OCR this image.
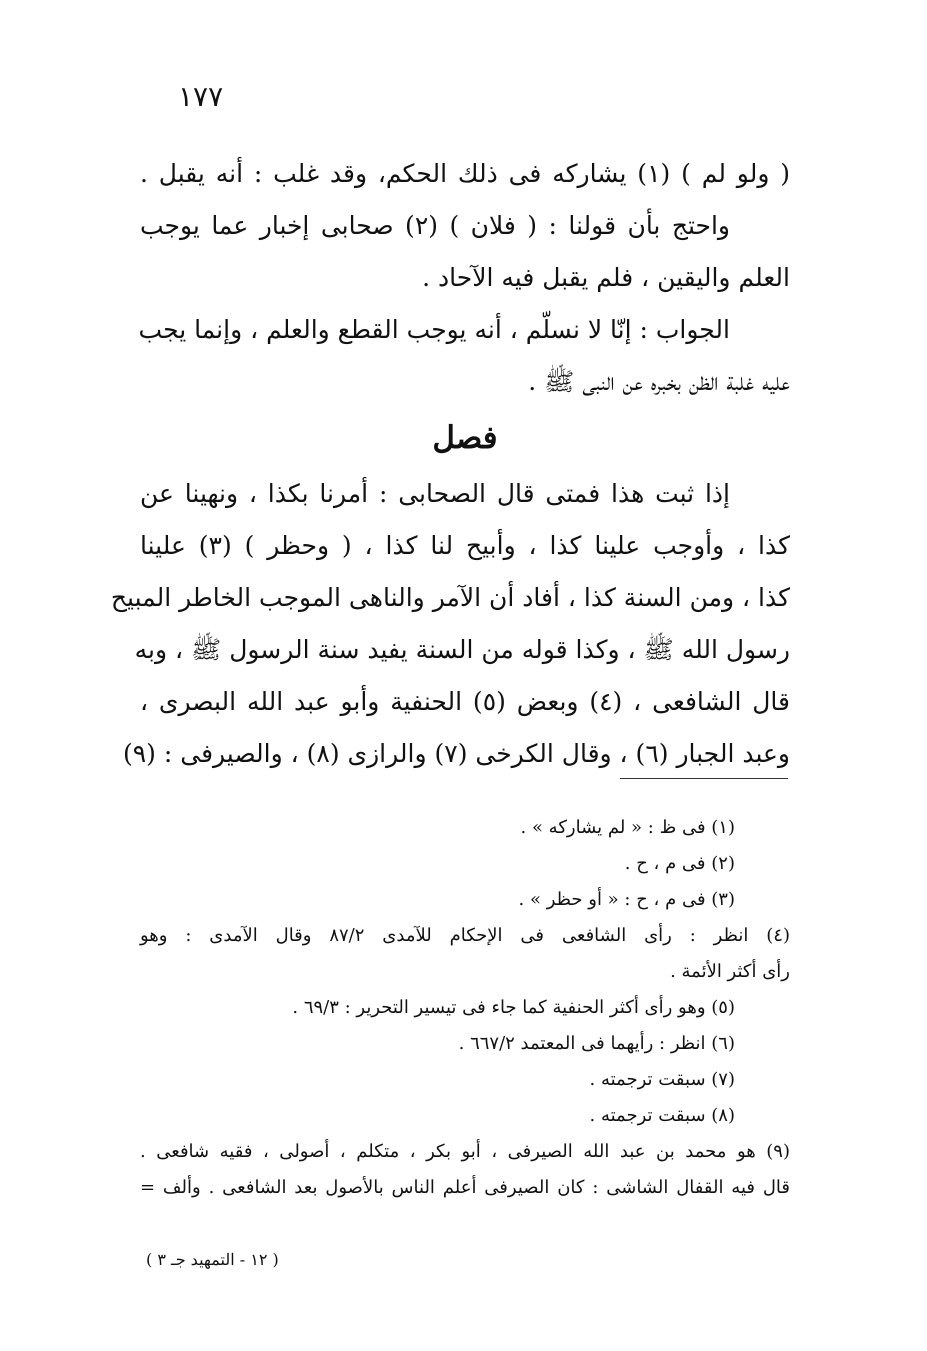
١٧٧
( ولو لم ) (١) يشاركه فى ذلك الحكم، وقد غلب : أنه يقبل .
واحتج بأن قولنا : ( فلان ) (٢) صحابى إخبار عما يوجب
العلم واليقين ، فلم يقبل فيه الآحاد .
الجواب : إنّا لا نسلّم ، أنه يوجب القطع والعلم ، وإنما يجب
عليه غلبة الظن بخبره عن النبى ﷺ .
فصل
إذا ثبت هذا فمتى قال الصحابى : أمرنا بكذا ، ونهينا عن
كذا ، وأوجب علينا كذا ، وأبيح لنا كذا ، ( وحظر ) (٣) علينا
كذا ، ومن السنة كذا ، أفاد أن الآمر والناهى الموجب الخاطر المبيح
رسول الله ﷺ ، وكذا قوله من السنة يفيد سنة الرسول ﷺ ، وبه
قال الشافعى ، (٤) وبعض (٥) الحنفية وأبو عبد الله البصرى ،
وعبد الجبار (٦) ، وقال الكرخى (٧) والرازى (٨) ، والصيرفى : (٩)
(١) فى ظ : « لم يشاركه » .
(٢) فى م ، ح .
(٣) فى م ، ح : « أو حظر » .
(٤) انظر : رأى الشافعى فى الإحكام للآمدى ٨٧/٢ وقال الآمدى : وهو
رأى أكثر الأئمة .
(٥) وهو رأى أكثر الحنفية كما جاء فى تيسير التحرير : ٦٩/٣ .
(٦) انظر : رأيهما فى المعتمد ٦٦٧/٢ .
(٧) سبقت ترجمته .
(٨) سبقت ترجمته .
(٩) هو محمد بن عبد الله الصيرفى ، أبو بكر ، متكلم ، أصولى ، فقيه شافعى .
قال فيه القفال الشاشى : كان الصيرفى أعلم الناس بالأصول بعد الشافعى . وألف =
( ١٢ - التمهيد جـ ٣ )
